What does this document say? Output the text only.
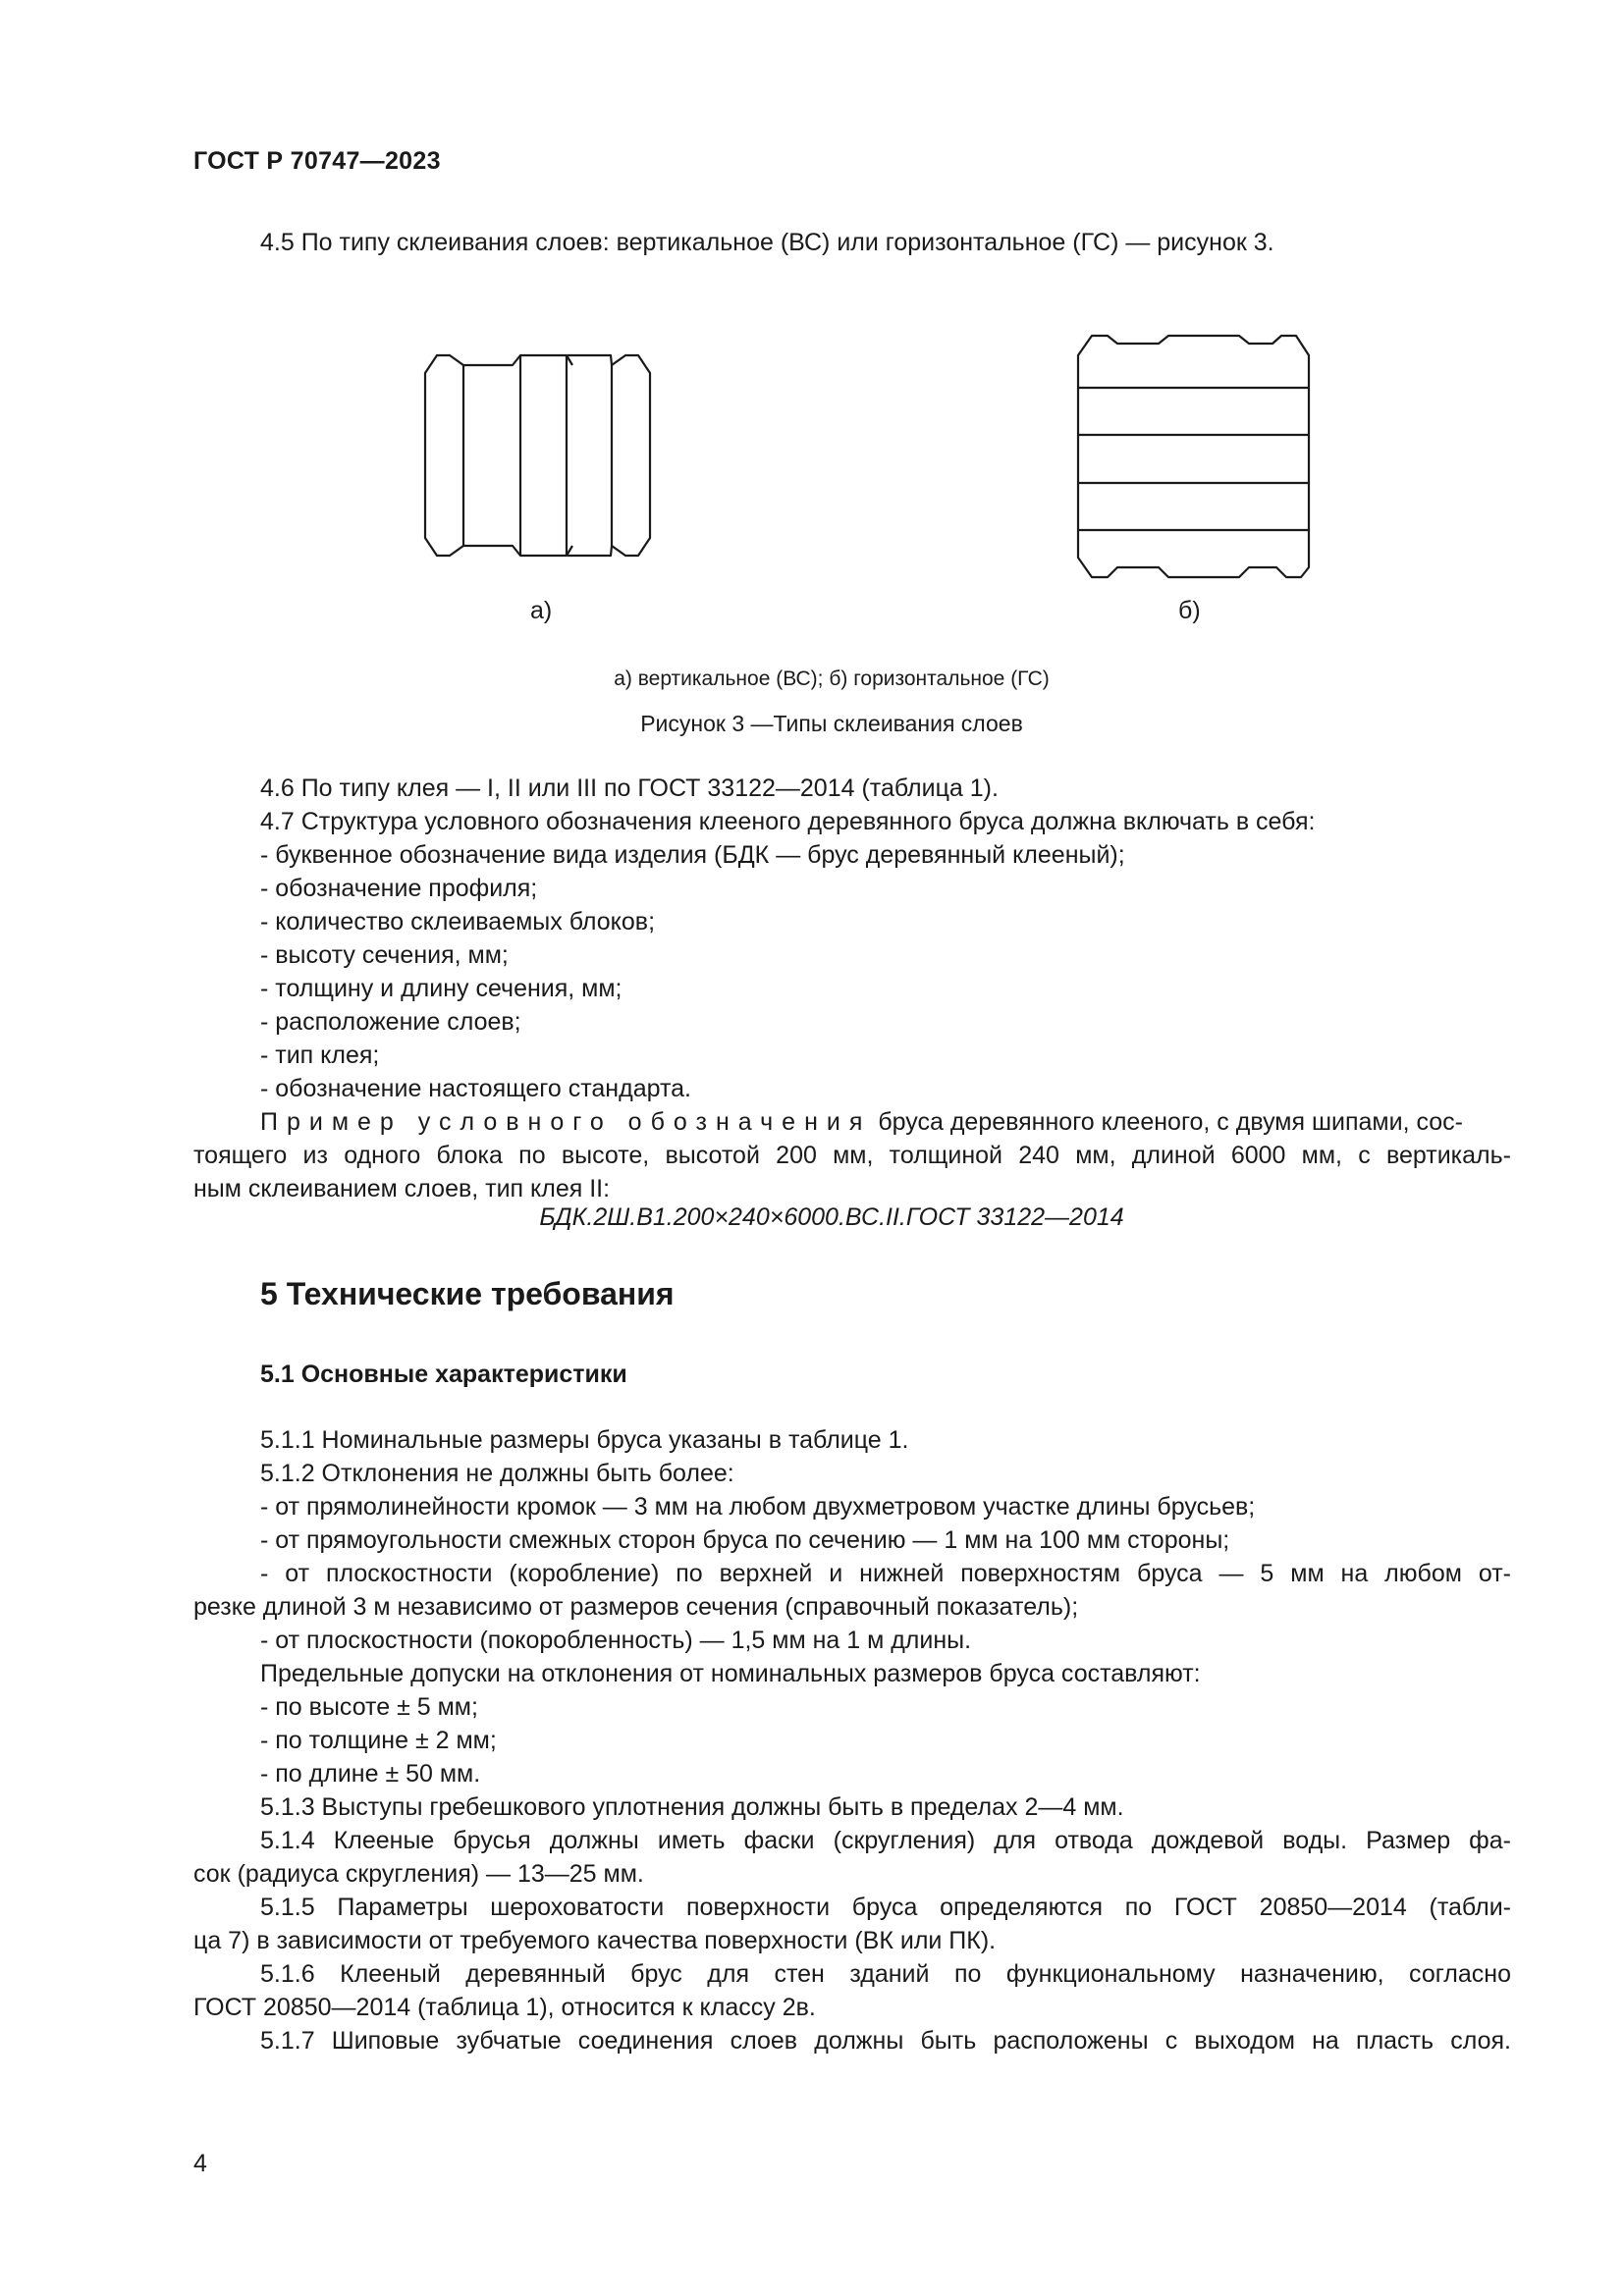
ГОСТ Р 70747—2023
4.5 По типу склеивания слоев: вертикальное (ВС) или горизонтальное (ГС) — рисунок 3.
а)	б)
а) вертикальное (ВС); б) горизонтальное (ГС)
Рисунок 3 —Типы склеивания слоев
4.6 По типу клея — I, II или III по ГОСТ 33122—2014 (таблица 1).
4.7 Структура условного обозначения клееного деревянного бруса должна включать в себя:
- буквенное обозначение вида изделия (БДК — брус деревянный клееный);
- обозначение профиля;
- количество склеиваемых блоков;
- высоту сечения, мм;
- толщину и длину сечения, мм;
- расположение слоев;
- тип клея;
- обозначение настоящего стандарта.
Пример условного обозначения бруса деревянного клееного, с двумя шипами, сос-
тоящего из одного блока по высоте, высотой 200 мм, толщиной 240 мм, длиной 6000 мм, с вертикаль-
ным склеиванием слоев, тип клея II:
БДК.2Ш.В1.200×240×6000.ВС.II.ГОСТ 33122—2014
5 Технические требования
5.1 Основные характеристики
5.1.1 Номинальные размеры бруса указаны в таблице 1.
5.1.2 Отклонения не должны быть более:
- от прямолинейности кромок — 3 мм на любом двухметровом участке длины брусьев;
- от прямоугольности смежных сторон бруса по сечению — 1 мм на 100 мм стороны;
- от плоскостности (коробление) по верхней и нижней поверхностям бруса — 5 мм на любом от-
резке длиной 3 м независимо от размеров сечения (справочный показатель);
- от плоскостности (покоробленность) — 1,5 мм на 1 м длины.
Предельные допуски на отклонения от номинальных размеров бруса составляют:
- по высоте ± 5 мм;
- по толщине ± 2 мм;
- по длине ± 50 мм.
5.1.3 Выступы гребешкового уплотнения должны быть в пределах 2—4 мм.
5.1.4 Клееные брусья должны иметь фаски (скругления) для отвода дождевой воды. Размер фа-
сок (радиуса скругления) — 13—25 мм.
5.1.5 Параметры шероховатости поверхности бруса определяются по ГОСТ 20850—2014 (табли-
ца 7) в зависимости от требуемого качества поверхности (ВК или ПК).
5.1.6 Клееный деревянный брус для стен зданий по функциональному назначению, согласно
ГОСТ 20850—2014 (таблица 1), относится к классу 2в.
5.1.7 Шиповые зубчатые соединения слоев должны быть расположены с выходом на пласть слоя.
4
